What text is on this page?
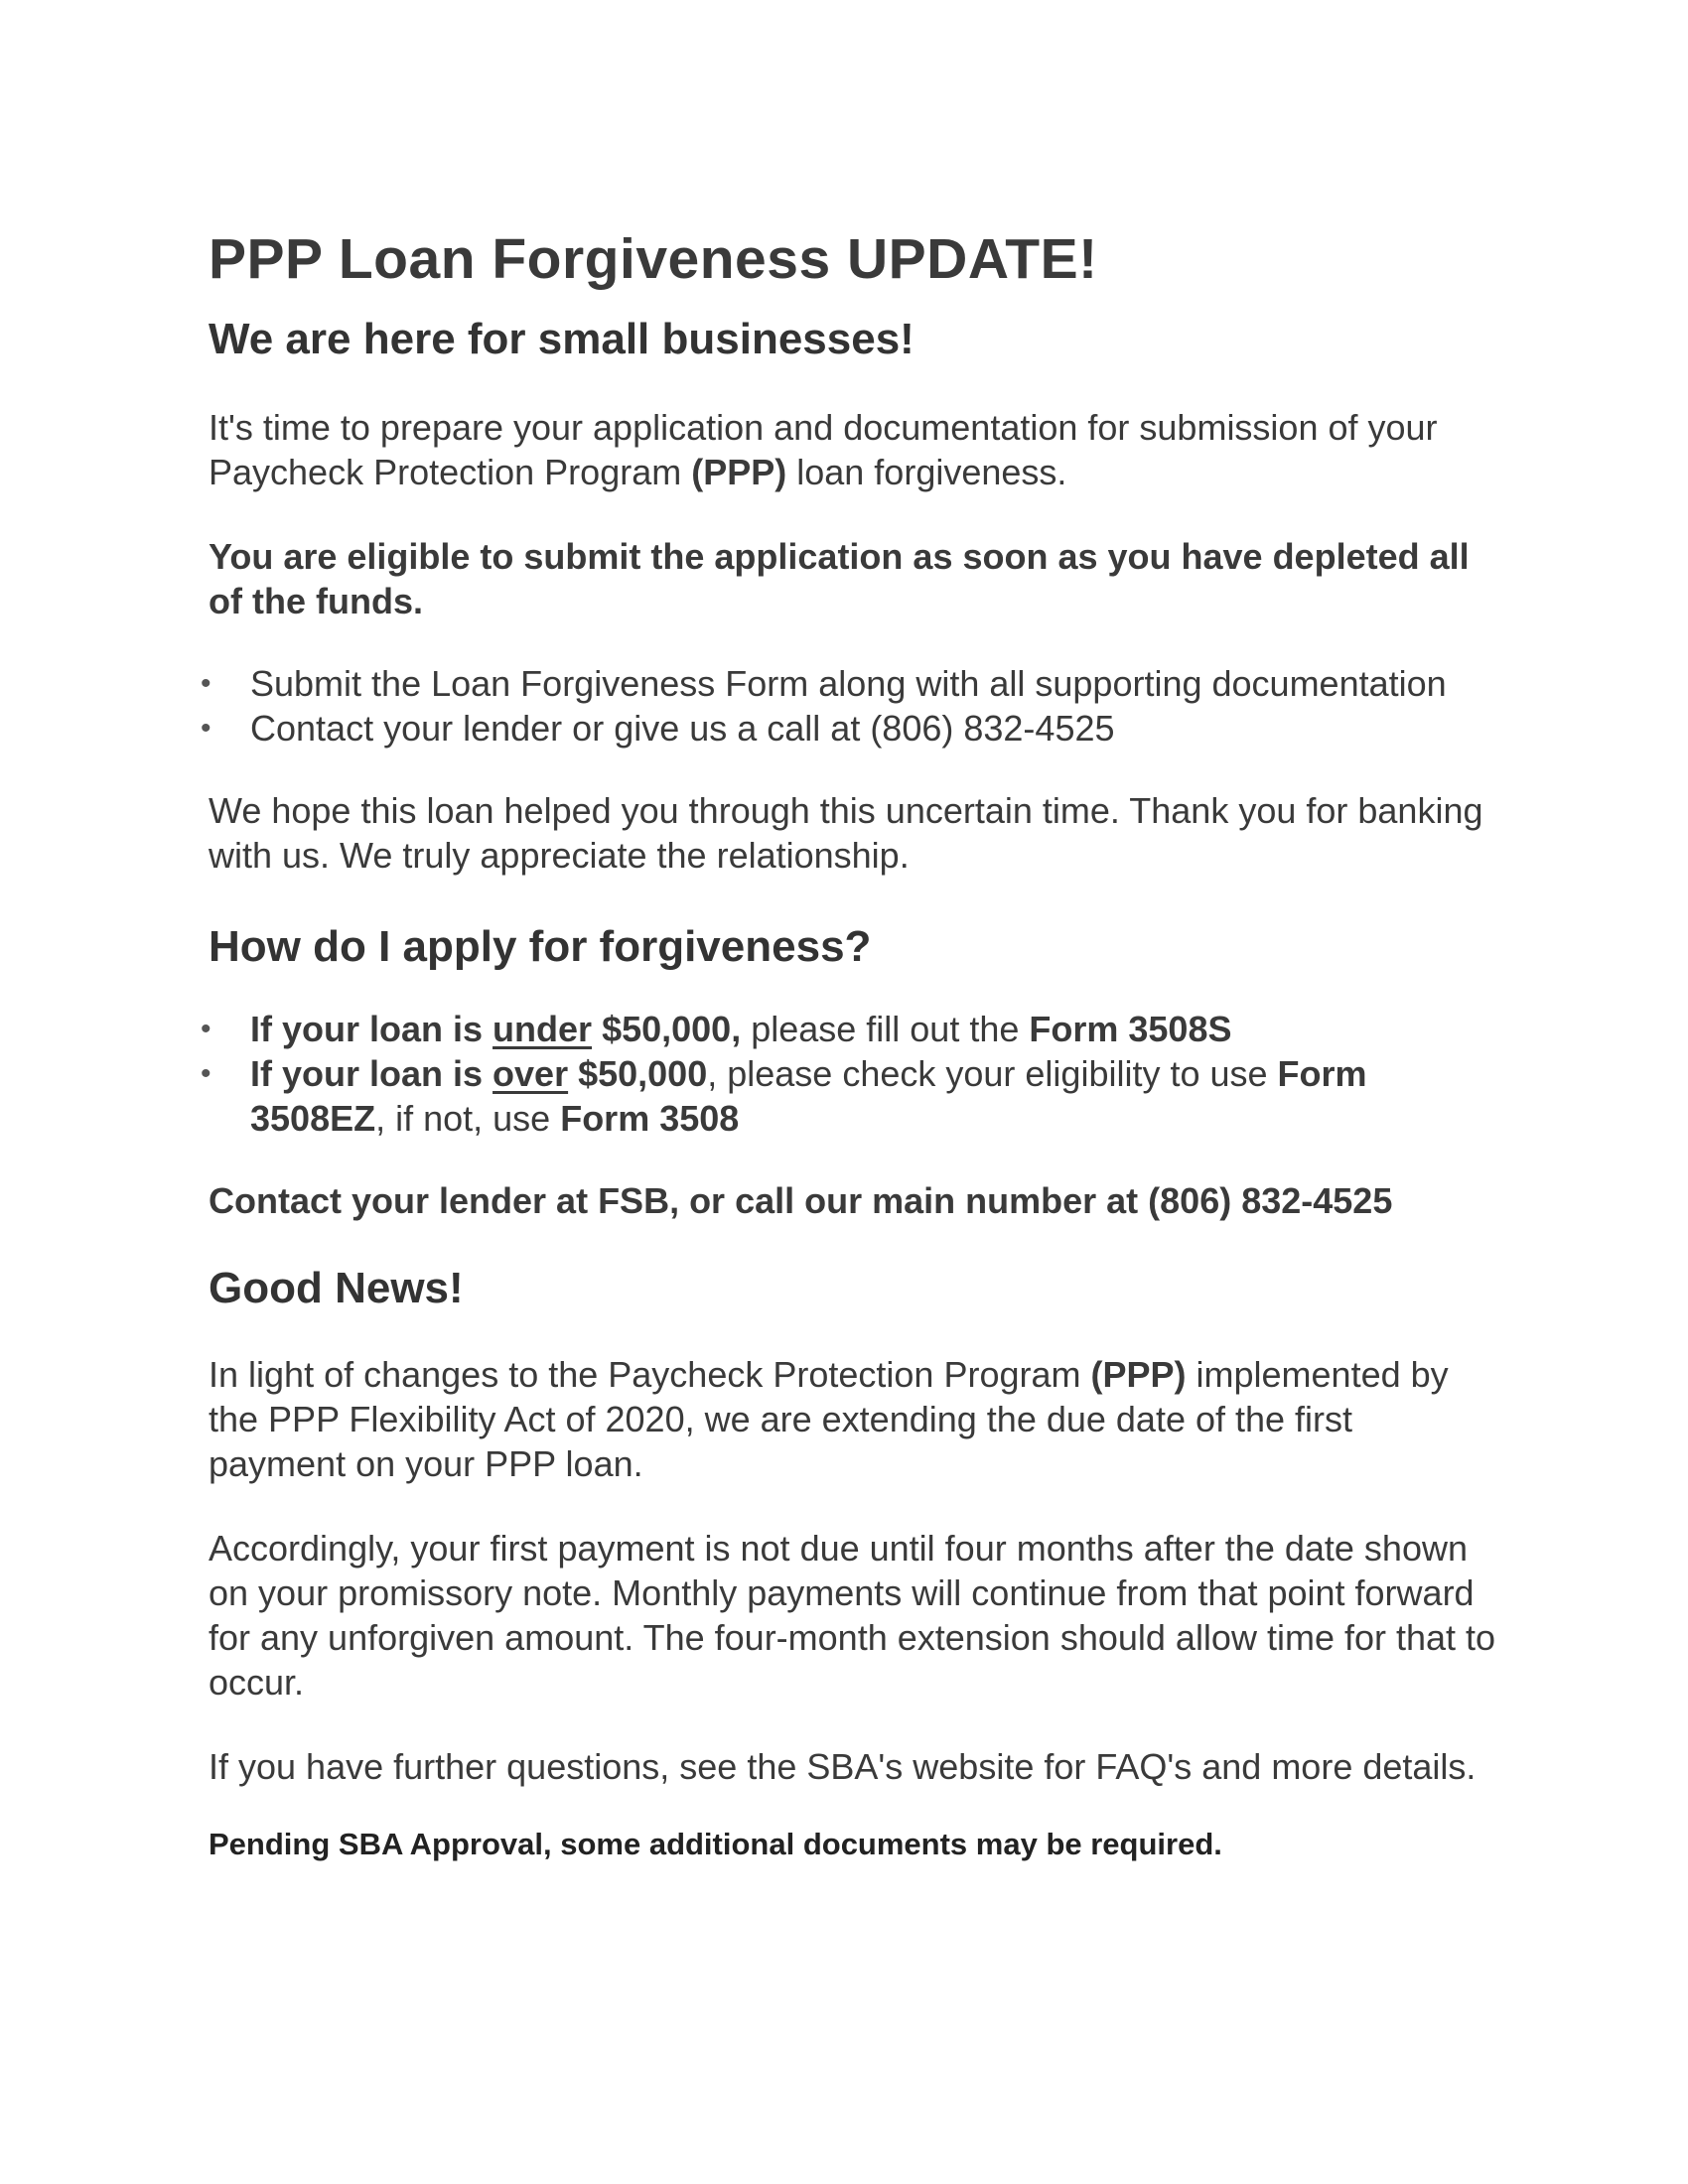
PPP Loan Forgiveness UPDATE!
We are here for small businesses!

It's time to prepare your application and documentation for submission of your Paycheck Protection Program (PPP) loan forgiveness.

You are eligible to submit the application as soon as you have depleted all of the funds.

• Submit the Loan Forgiveness Form along with all supporting documentation
• Contact your lender or give us a call at (806) 832-4525

We hope this loan helped you through this uncertain time. Thank you for banking with us. We truly appreciate the relationship.

How do I apply for forgiveness?
• If your loan is under $50,000, please fill out the Form 3508S
• If your loan is over $50,000, please check your eligibility to use Form 3508EZ, if not, use Form 3508

Contact your lender at FSB, or call our main number at (806) 832-4525

Good News!

In light of changes to the Paycheck Protection Program (PPP) implemented by the PPP Flexibility Act of 2020, we are extending the due date of the first payment on your PPP loan.

Accordingly, your first payment is not due until four months after the date shown on your promissory note. Monthly payments will continue from that point forward for any unforgiven amount. The four-month extension should allow time for that to occur.

If you have further questions, see the SBA's website for FAQ's and more details.

Pending SBA Approval, some additional documents may be required.
